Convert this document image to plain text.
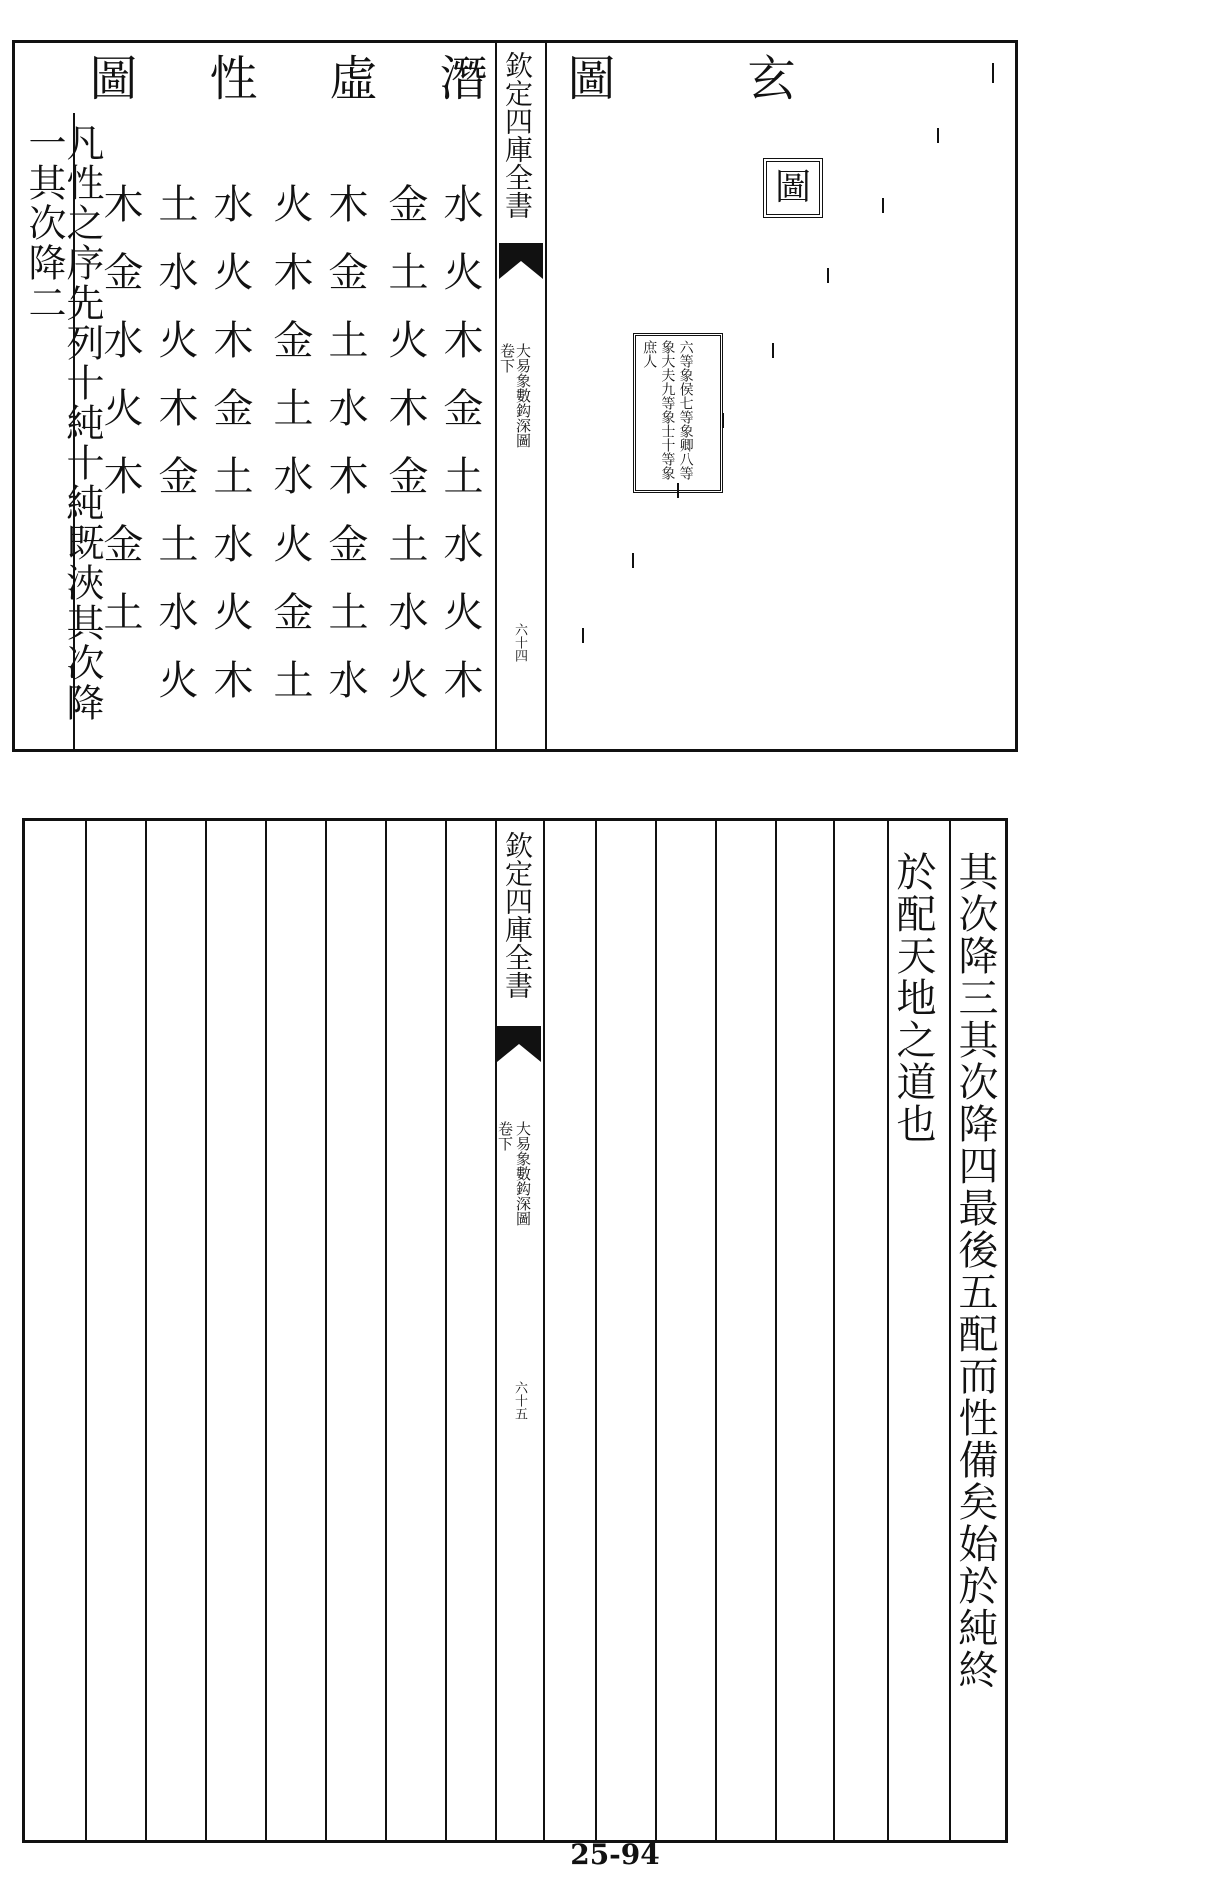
潛
虛
性
圖
水火木金土水火木
金土火木金土水火
木金土水木金土水
火木金土水火金土
水火木金土水火木
土水火木金土水火
木金水火木金土
凡性之序先列十純十純既浹其次降一其次降二	欽定四庫全書
大易象數鈎深圖
卷下
六十四
玄
圖
圖
六等象侯七等象卿八等象大夫九等象士十等象庶人
欽定四庫全書
大易象數鈎深圖
卷下
六十五	其次降三其次降四最後五配而性備矣始於純終
於配天地之道也
25-94
